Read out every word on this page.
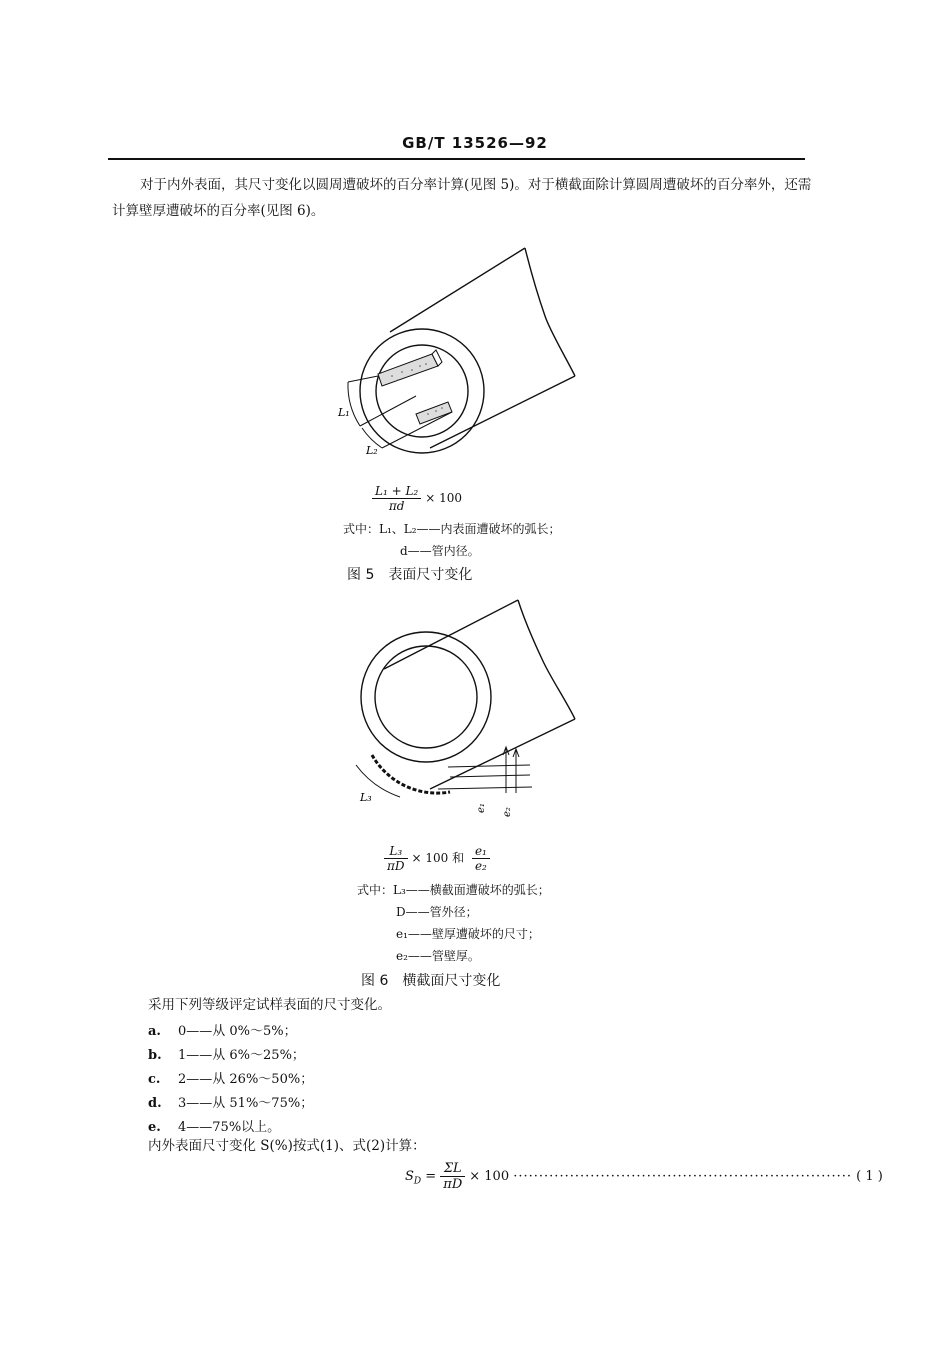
GB/T 13526—92
对于内外表面，其尺寸变化以圆周遭破坏的百分率计算(见图 5)。对于横截面除计算圆周遭破坏的百分率外，还需计算壁厚遭破坏的百分率(见图 6)。
L₁
L₂
$\frac{\text{L₁ + L₂}}{\pi d} \times 100$
式中：L₁、L₂——内表面遭破坏的弧长；
d——管内径。
图 5　表面尺寸变化
L₃
e₁ e₂
$\frac{\text{L₃}}{\pi D} \times 100$ 和 $\frac{\text{e₁}}{\text{e₂}}$
式中：L₃——横截面遭破坏的弧长；
D——管外径；
e₁——壁厚遭破坏的尺寸；
e₂——管壁厚。
图 6　横截面尺寸变化
采用下列等级评定试样表面的尺寸变化。
a. 0——从 0%～5%；
b. 1——从 6%～25%；
c. 2——从 26%～50%；
d. 3——从 51%～75%；
e. 4——75%以上。
内外表面尺寸变化 S(%)按式(1)、式(2)计算：
$S_D = \frac{\Sigma L}{\pi D} \times 100$ ·································································· ( 1 )
